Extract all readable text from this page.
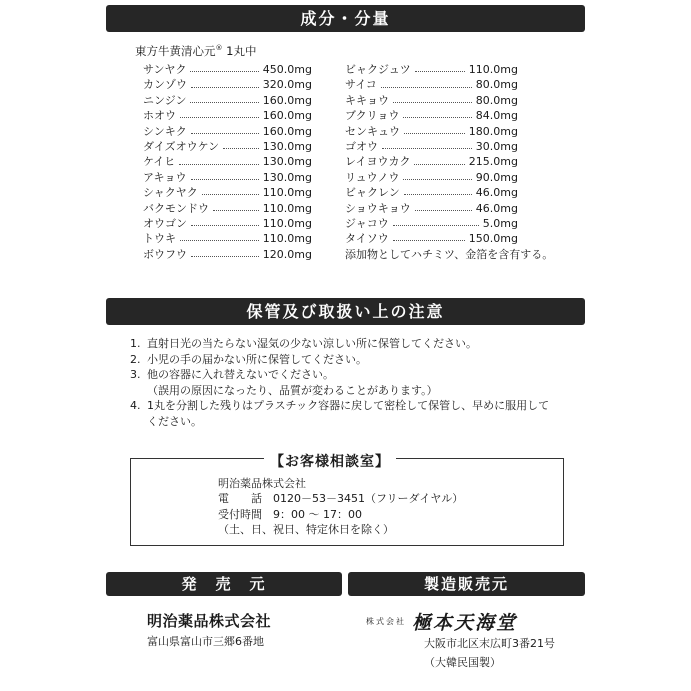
成分・分量
東方牛黄清心元® 1丸中
サンヤク	450.0mg
カンゾウ	320.0mg
ニンジン	160.0mg
ホオウ	160.0mg
シンキク	160.0mg
ダイズオウケン	130.0mg
ケイヒ	130.0mg
アキョウ	130.0mg
シャクヤク	110.0mg
バクモンドウ	110.0mg
オウゴン	110.0mg
トウキ	110.0mg
ボウフウ	120.0mg
ビャクジュツ	110.0mg
サイコ	80.0mg
キキョウ	80.0mg
ブクリョウ	84.0mg
センキュウ	180.0mg
ゴオウ	30.0mg
レイヨウカク	215.0mg
リュウノウ	90.0mg
ビャクレン	46.0mg
ショウキョウ	46.0mg
ジャコウ	5.0mg
タイソウ	150.0mg
添加物としてハチミツ、金箔を含有する。
保管及び取扱い上の注意
1. 直射日光の当たらない湿気の少ない涼しい所に保管してください。
2. 小児の手の届かない所に保管してください。
3. 他の容器に入れ替えないでください。
（誤用の原因になったり、品質が変わることがあります。）
4. 1丸を分割した残りはプラスチック容器に戻して密栓して保管し、早めに服用して
ください。
【お客様相談室】
明治薬品株式会社
電　　話　0120－53－3451（フリーダイヤル）
受付時間　9：00 ～ 17：00
（土、日、祝日、特定休日を除く）
発　売　元	製造販売元
明治薬品株式会社
富山県富山市三郷6番地
株式会社 極本天海堂
大阪市北区末広町3番21号
（大韓民国製）
